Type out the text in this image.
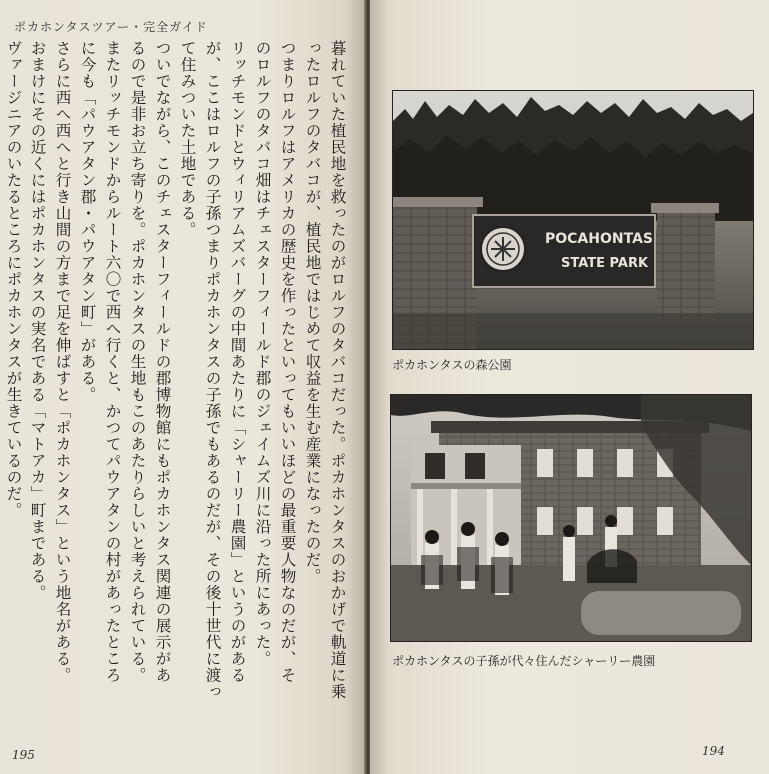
ポカホンタスツアー・完全ガイド

暮れていた植民地を救ったのがロルフのタバコだった。ポカホンタスのおかげで軌道に乗

ったロルフのタバコが、植民地ではじめて収益を生む産業になったのだ。

つまりロルフはアメリカの歴史を作ったといってもいいほどの最重要人物なのだが、そ

のロルフのタバコ畑はチェスターフィールド郡のジェイムズ川に沿った所にあった。

リッチモンドとウィリアムズバーグの中間あたりに「シャーリー農園」というのがある

が、ここはロルフの子孫つまりポカホンタスの子孫でもあるのだが、その後十世代に渡っ

て住みついた土地である。

ついでながら、このチェスターフィールドの郡博物館にもポカホンタス関連の展示があ

るので是非お立ち寄りを。ポカホンタスの生地もこのあたりらしいと考えられている。

またリッチモンドからルート六〇で西へ行くと、かつてパウアタンの村があったところ

に今も「パウアタン郡・パウアタン町」がある。

さらに西へ西へと行き山間の方まで足を伸ばすと「ポカホンタス」という地名がある。

おまけにその近くにはポカホンタスの実名である「マトアカ」町まである。

ヴァージニアのいたるところにポカホンタスが生きているのだ。

195

POCAHONTAS
STATE PARK

ポカホンタスの森公園

ポカホンタスの子孫が代々住んだシャーリー農園

194
